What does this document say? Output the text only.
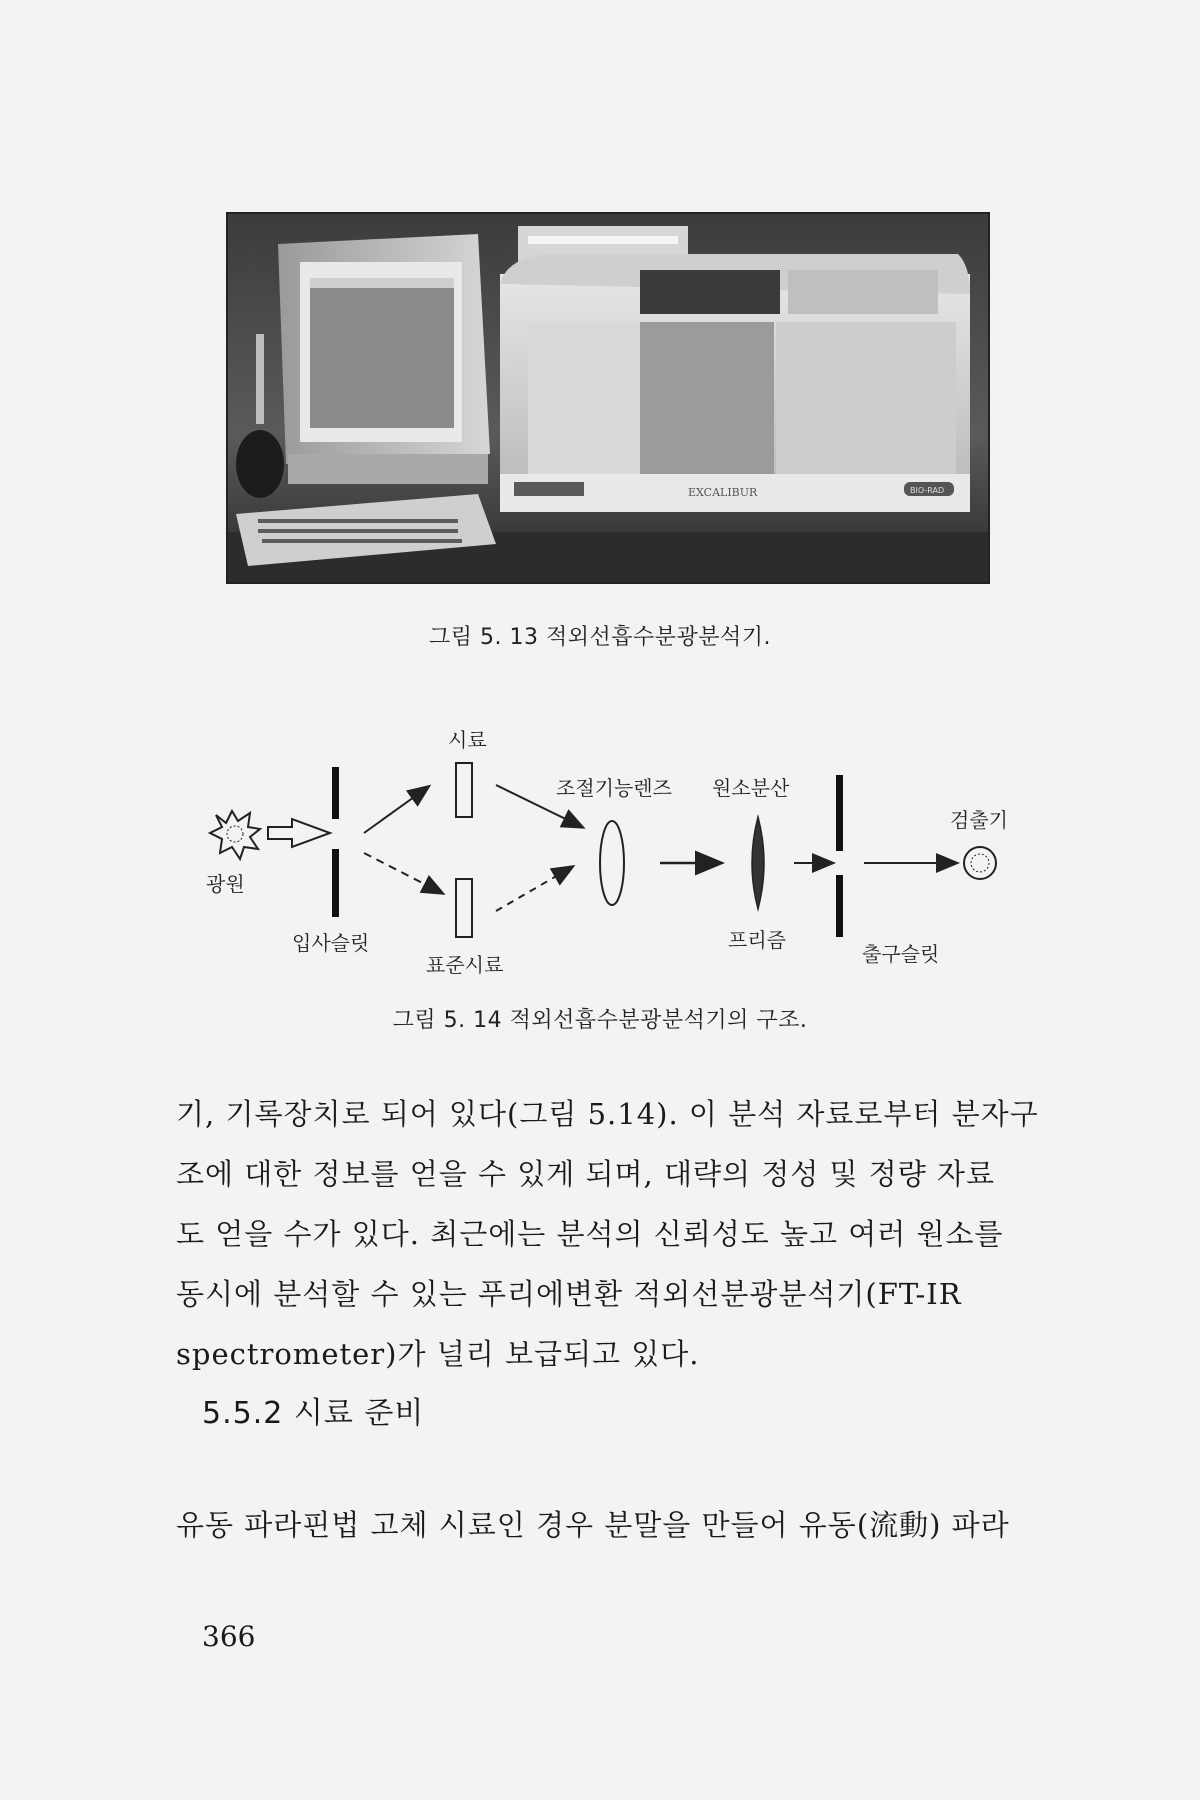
EXCALIBUR	BIO-RAD
그림 5. 13 적외선흡수분광분석기.
광원
입사슬릿
시료
표준시료
조절기능렌즈 원소분산
프리즘
출구슬릿
검출기
그림 5. 14 적외선흡수분광분석기의 구조.
기, 기록장치로 되어 있다(그림 5.14). 이 분석 자료로부터 분자구
조에 대한 정보를 얻을 수 있게 되며, 대략의 정성 및 정량 자료
도 얻을 수가 있다. 최근에는 분석의 신뢰성도 높고 여러 원소를
동시에 분석할 수 있는 푸리에변환 적외선분광분석기(FT-IR
spectrometer)가 널리 보급되고 있다.
5.5.2 시료 준비
유동 파라핀법 고체 시료인 경우 분말을 만들어 유동(流動) 파라
366
